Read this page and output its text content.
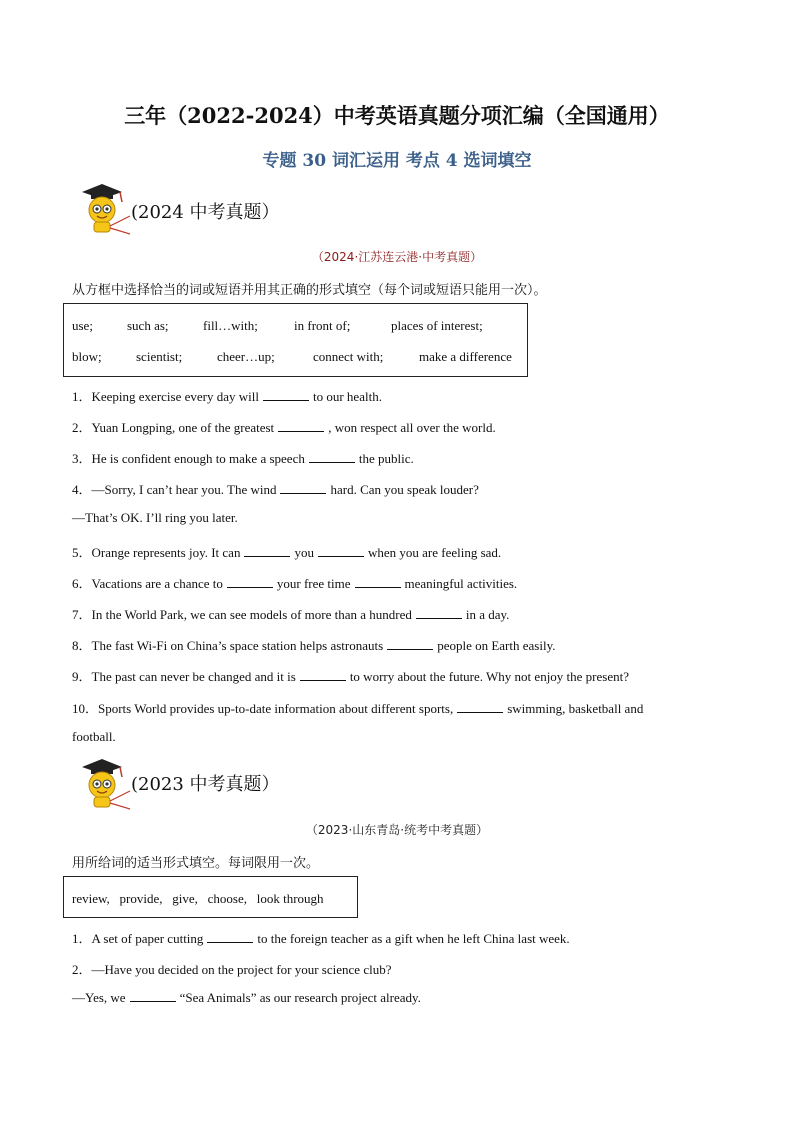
三年（2022-2024）中考英语真题分项汇编（全国通用）
专题 30 词汇运用 考点 4 选词填空
(2024 中考真题）
（2024·江苏连云港·中考真题）
从方框中选择恰当的词或短语并用其正确的形式填空（每个词或短语只能用一次）。
use;	such as;	fill…with;	in front of;	places of interest;
blow;	scientist;	cheer…up;	connect with;	make a difference
1．Keeping exercise every day will	to our health.
2．Yuan Longping, one of the greatest	, won respect all over the world.
3．He is confident enough to make a speech	the public.
4．—Sorry, I can’t hear you. The wind	hard. Can you speak louder?
—That’s OK. I’ll ring you later.
5．Orange represents joy. It can	you	when you are feeling sad.
6．Vacations are a chance to	your free time	meaningful activities.
7．In the World Park, we can see models of more than a hundred	in a day.
8．The fast Wi-Fi on China’s space station helps astronauts	people on Earth easily.
9．The past can never be changed and it is	to worry about the future. Why not enjoy the present?
10．Sports World provides up-to-date information about different sports,	swimming, basketball and
football.
(2023 中考真题）
（2023·山东青岛·统考中考真题）
用所给词的适当形式填空。每词限用一次。
review,   provide,   give,   choose,   look through
1．A set of paper cutting	to the foreign teacher as a gift when he left China last week.
2．—Have you decided on the project for your science club?
—Yes, we	“Sea Animals” as our research project already.
